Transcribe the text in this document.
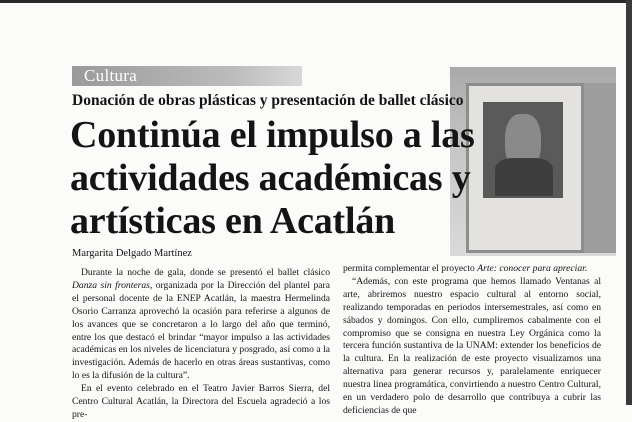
Cultura
Donación de obras plásticas y presentación de ballet clásico
Continúa el impulso a las
actividades académicas y
artísticas en Acatlán
Margarita Delgado Martínez

Durante la noche de gala, donde se presentó el ballet clásico Danza sin fronteras, organizada por la Dirección del plantel para el personal docente de la ENEP Acatlán, la maestra Hermelinda Osorio Carranza aprovechó la ocasión para referirse a algunos de los avances que se concretaron a lo largo del año que terminó, entre los que destacó el brindar “mayor impulso a las actividades académicas en los niveles de licenciatura y posgrado, así como a la investigación. Además de hacerlo en otras áreas sustantivas, como lo es la difusión de la cultura”.

En el evento celebrado en el Teatro Javier Barros Sierra, del Centro Cultural Acatlán, la Directora del Escuela agradeció a los pre-

permita complementar el proyecto Arte: conocer para apreciar.

“Además, con este programa que hemos llamado Ventanas al arte, abriremos nuestro espacio cultural al entorno social, realizando temporadas en periodos intersemestrales, así como en sábados y domingos. Con ello, cumpliremos cabalmente con el compromiso que se consigna en nuestra Ley Orgánica como la tercera función sustantiva de la UNAM: extender los beneficios de la cultura. En la realización de este proyecto visualizamos una alternativa para generar recursos y, paralelamente enriquecer nuestra línea programática, convirtiendo a nuestro Centro Cultural, en un verdadero polo de desarrollo que contribuya a cubrir las deficiencias de que
